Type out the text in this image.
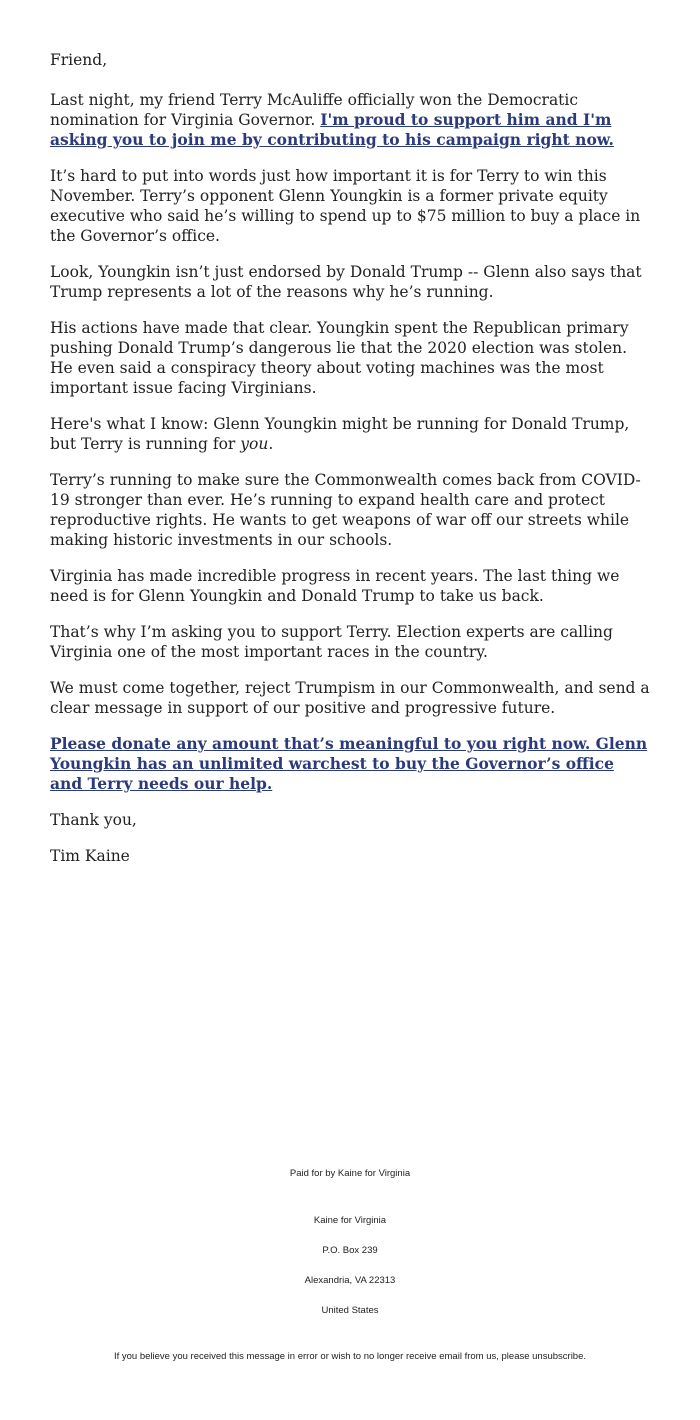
Friend,

Last night, my friend Terry McAuliffe officially won the Democratic nomination for Virginia Governor. I'm proud to support him and I'm asking you to join me by contributing to his campaign right now.

It’s hard to put into words just how important it is for Terry to win this November. Terry’s opponent Glenn Youngkin is a former private equity executive who said he’s willing to spend up to $75 million to buy a place in the Governor’s office.

Look, Youngkin isn’t just endorsed by Donald Trump -- Glenn also says that Trump represents a lot of the reasons why he’s running.

His actions have made that clear. Youngkin spent the Republican primary pushing Donald Trump’s dangerous lie that the 2020 election was stolen. He even said a conspiracy theory about voting machines was the most important issue facing Virginians.

Here's what I know: Glenn Youngkin might be running for Donald Trump, but Terry is running for you.

Terry’s running to make sure the Commonwealth comes back from COVID-19 stronger than ever. He’s running to expand health care and protect reproductive rights. He wants to get weapons of war off our streets while making historic investments in our schools.

Virginia has made incredible progress in recent years. The last thing we need is for Glenn Youngkin and Donald Trump to take us back.

That’s why I’m asking you to support Terry. Election experts are calling Virginia one of the most important races in the country.

We must come together, reject Trumpism in our Commonwealth, and send a clear message in support of our positive and progressive future.

Please donate any amount that’s meaningful to you right now. Glenn Youngkin has an unlimited warchest to buy the Governor’s office and Terry needs our help.

Thank you,

Tim Kaine

Paid for by Kaine for Virginia
Kaine for Virginia
P.O. Box 239
Alexandria, VA 22313
United States
If you believe you received this message in error or wish to no longer receive email from us, please unsubscribe.
